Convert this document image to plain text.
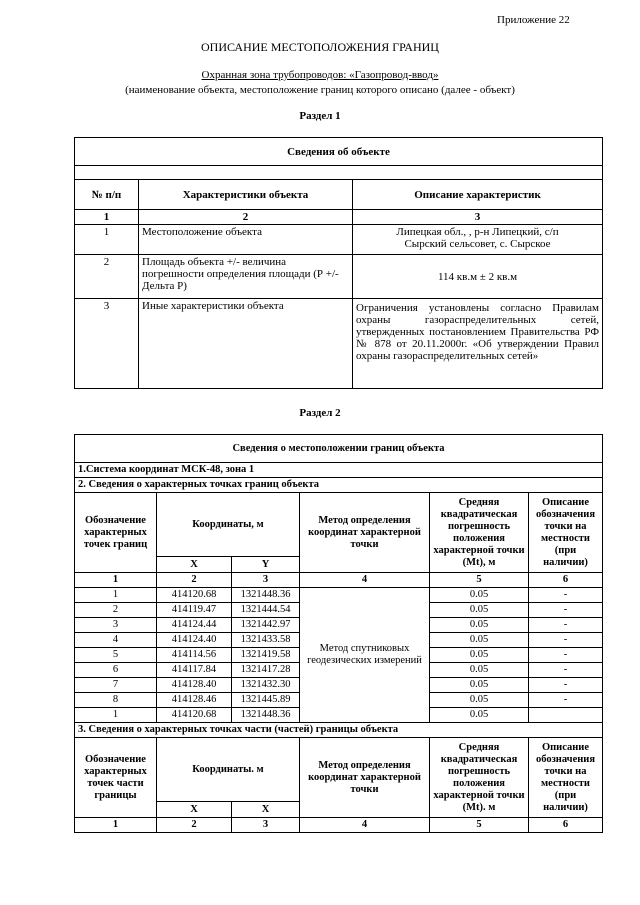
Приложение 22
ОПИСАНИЕ МЕСТОПОЛОЖЕНИЯ ГРАНИЦ
Охранная зона трубопроводов: «Газопровод-ввод»
(наименование объекта, местоположение границ которого описано (далее - объект)
Раздел 1
Сведения об объекте		

№ п/п	Характеристики объекта	Описание характеристик
1	2	3
1	Местоположение объекта	Липецкая обл., , р-н Липецкий, с/п
Сырский сельсовет, с. Сырское

2	Площадь объекта +/- величина погрешности определения площади (Р +/- Дельта Р)	114 кв.м ± 2 кв.м
3	Иные характеристики объекта	Ограничения установлены согласно Правилам охраны газораспределительных сетей, утвержденных постановлением Правительства РФ № 878 от 20.11.2000г. «Об утверждении Правил охраны газораспределительных сетей»
Раздел 2
Сведения о местоположении границ объекта					
1.Система координат МСК-48, зона 1					
2. Сведения о характерных точках границ объекта					
Обозначение характерных точек границ	Координаты, м		Метод определения координат характерной точки	Средняя квадратическая погрешность положения характерной точки (Mt), м	Описание обозначения точки на местности (при наличии)
	X	Y			
1	2	3	4	5	6
1	414120.68	1321448.36	Метод спутниковых геодезических измерений	0.05	-
2	414119.47	1321444.54		0.05	-
3	414124.44	1321442.97		0.05	-
4	414124.40	1321433.58		0.05	-
5	414114.56	1321419.58		0.05	-
6	414117.84	1321417.28		0.05	-
7	414128.40	1321432.30		0.05	-
8	414128.46	1321445.89		0.05	-
1	414120.68	1321448.36		0.05	
3. Сведения о характерных точках части (частей) границы объекта					
Обозначение характерных точек части границы	Координаты. м		Метод определения координат характерной точки	Средняя квадратическая погрешность положения характерной точки (Mt). м	Описание обозначения точки на местности (при наличии)
	X	X			
1	2	3	4	5	6
